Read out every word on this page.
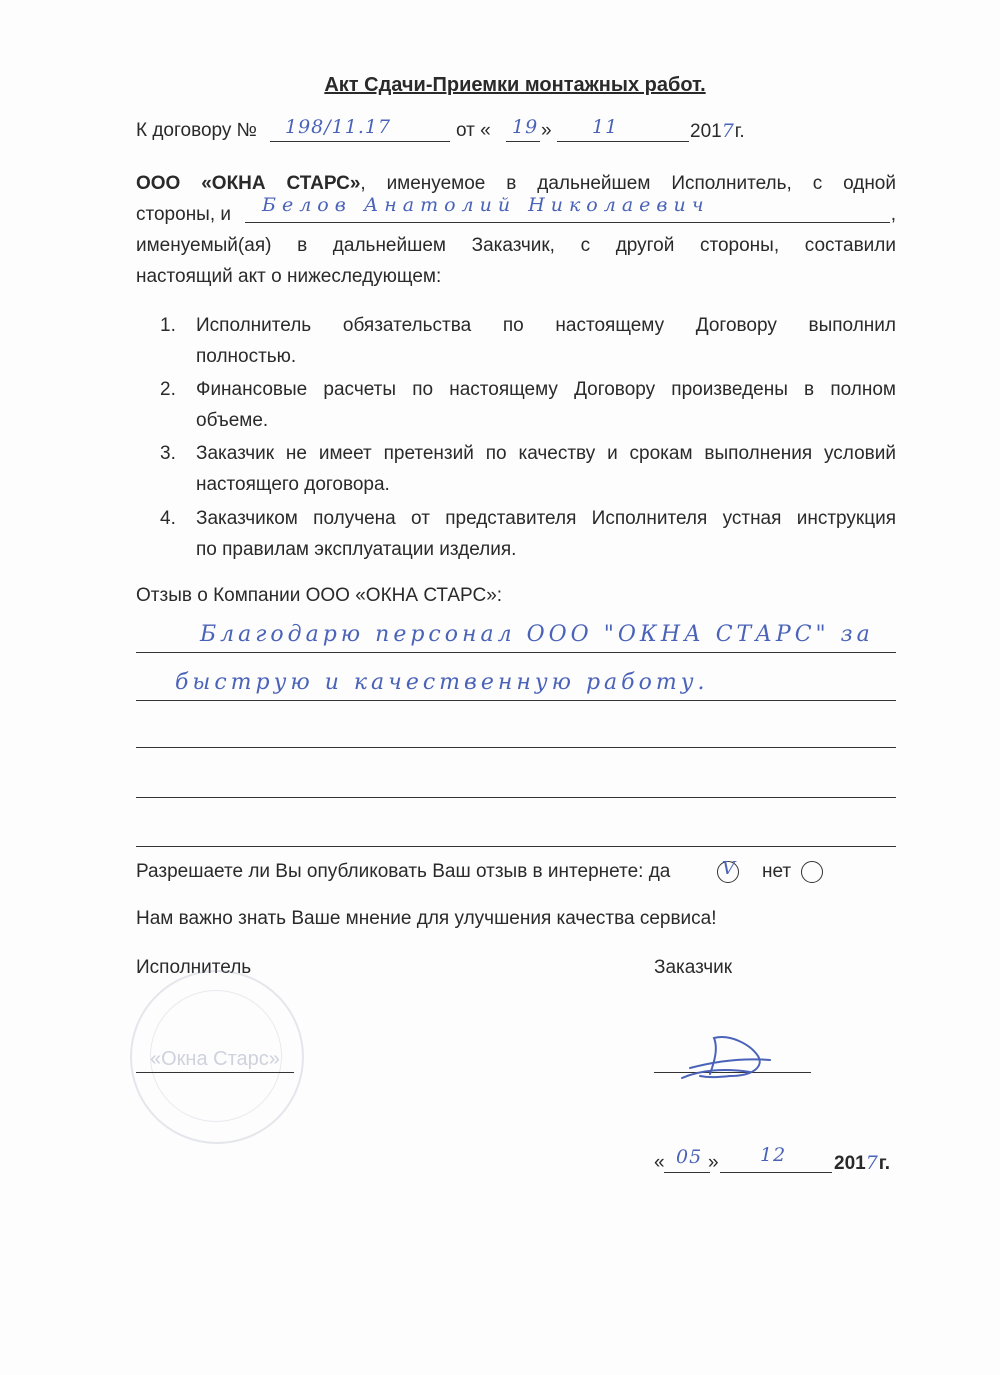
Акт Сдачи-Приемки монтажных работ.
К договору № 198/11.17	от « 19 » 11	2017г.
ООО «ОКНА СТАРС», именуемое в дальнейшем Исполнитель, с одной
стороны, и	,
именуемый(ая) в дальнейшем Заказчик, с другой стороны, составили
настоящий акт о нижеследующем:
Белов Анатолий Николаевич
1. Исполнитель обязательства по настоящему Договору выполнил
полностью.
2. Финансовые расчеты по настоящему Договору произведены в полном
объеме.
3. Заказчик не имеет претензий по качеству и срокам выполнения условий
настоящего договора.
4. Заказчиком получена от представителя Исполнителя устная инструкция
по правилам эксплуатации изделия.
Отзыв о Компании ООО «ОКНА СТАРС»:
Благодарю персонал ООО "ОКНА СТАРС" за
быструю и качественную работу.
Разрешаете ли Вы опубликовать Ваш отзыв в интернете: да	V нет
Нам важно знать Ваше мнение для улучшения качества сервиса!
Исполнитель	Заказчик
«Окна Старс»
« 05 » 12	2017г.
